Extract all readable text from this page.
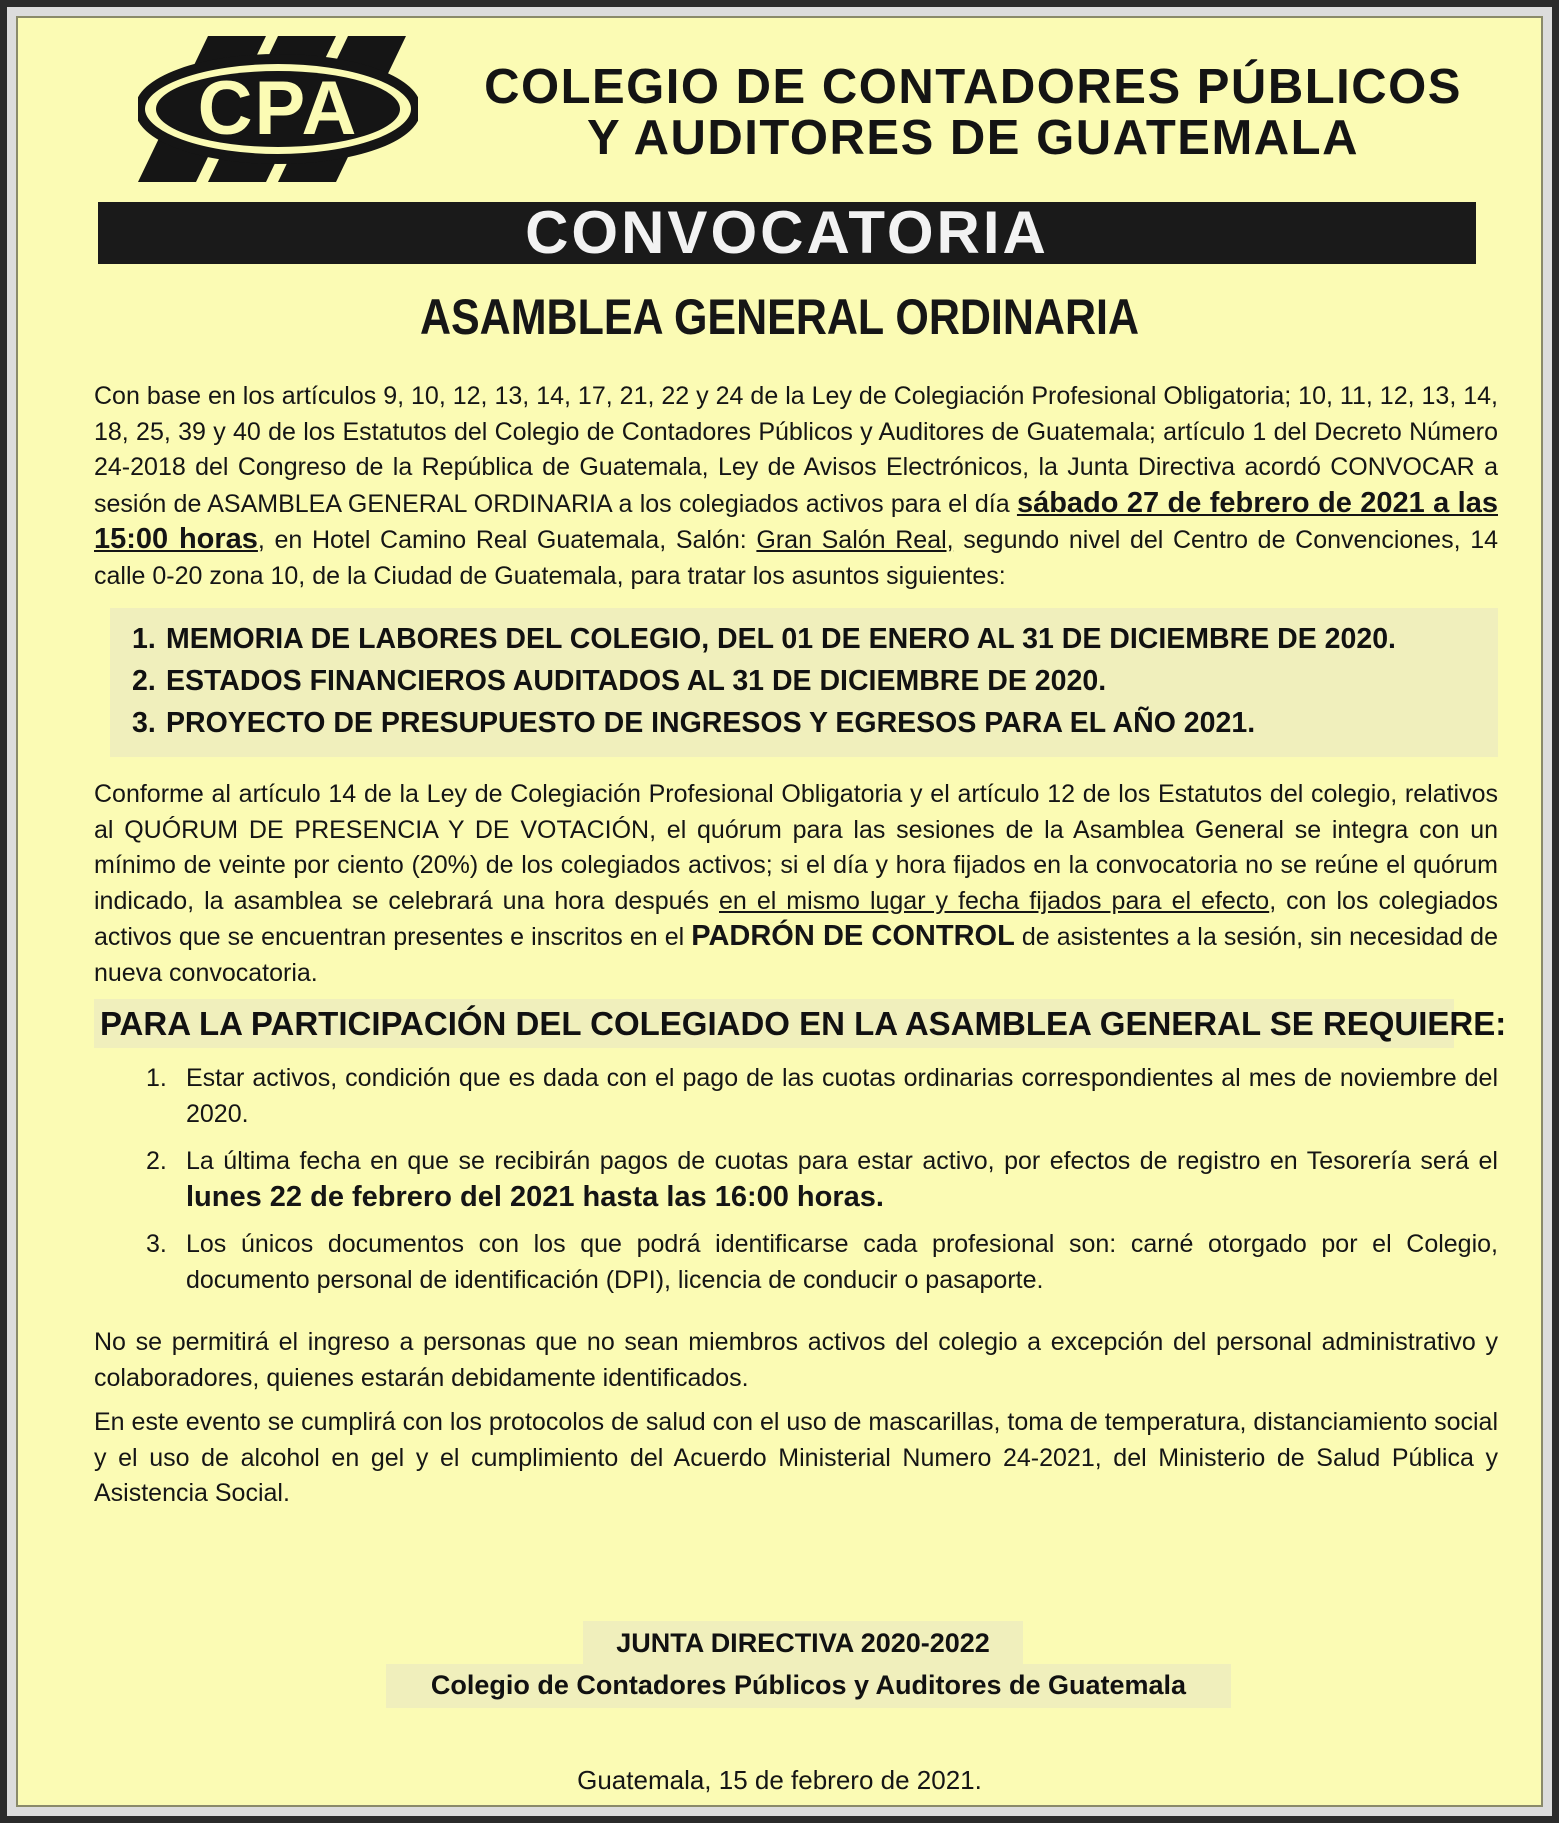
CPA	COLEGIO DE CONTADORES PÚBLICOS
Y AUDITORES DE GUATEMALA
CONVOCATORIA
ASAMBLEA GENERAL ORDINARIA
Con base en los artículos 9, 10, 12, 13, 14, 17, 21, 22 y 24 de la Ley de Colegiación Profesional Obligatoria; 10, 11, 12, 13, 14, 18, 25, 39 y 40 de los Estatutos del Colegio de Contadores Públicos y Auditores de Guatemala; artículo 1 del Decreto Número 24-2018 del Congreso de la República de Guatemala, Ley de Avisos Electrónicos, la Junta Directiva acordó CONVOCAR a sesión de ASAMBLEA GENERAL ORDINARIA a los colegiados activos para el día sábado 27 de febrero de 2021 a las 15:00 horas, en Hotel Camino Real Guatemala, Salón: Gran Salón Real, segundo nivel del Centro de Convenciones, 14 calle 0-20 zona 10, de la Ciudad de Guatemala, para tratar los asuntos siguientes:
1. MEMORIA DE LABORES DEL COLEGIO, DEL 01 DE ENERO AL 31 DE DICIEMBRE DE 2020.
2. ESTADOS FINANCIEROS AUDITADOS AL 31 DE DICIEMBRE DE 2020.
3. PROYECTO DE PRESUPUESTO DE INGRESOS Y EGRESOS PARA EL AÑO 2021.
Conforme al artículo 14 de la Ley de Colegiación Profesional Obligatoria y el artículo 12 de los Estatutos del colegio, relativos al QUÓRUM DE PRESENCIA Y DE VOTACIÓN, el quórum para las sesiones de la Asamblea General se integra con un mínimo de veinte por ciento (20%) de los colegiados activos; si el día y hora fijados en la convocatoria no se reúne el quórum indicado, la asamblea se celebrará una hora después en el mismo lugar y fecha fijados para el efecto, con los colegiados activos que se encuentran presentes e inscritos en el PADRÓN DE CONTROL de asistentes a la sesión, sin necesidad de nueva convocatoria.
PARA LA PARTICIPACIÓN DEL COLEGIADO EN LA ASAMBLEA GENERAL SE REQUIERE:
1. Estar activos, condición que es dada con el pago de las cuotas ordinarias correspondientes al mes de noviembre del 2020.
2. La última fecha en que se recibirán pagos de cuotas para estar activo, por efectos de registro en Tesorería será el lunes 22 de febrero del 2021 hasta las 16:00 horas.
3. Los únicos documentos con los que podrá identificarse cada profesional son: carné otorgado por el Colegio, documento personal de identificación (DPI), licencia de conducir o pasaporte.
No se permitirá el ingreso a personas que no sean miembros activos del colegio a excepción del personal administrativo y colaboradores, quienes estarán debidamente identificados.
En este evento se cumplirá con los protocolos de salud con el uso de mascarillas, toma de temperatura, distanciamiento social y el uso de alcohol en gel y el cumplimiento del Acuerdo Ministerial Numero 24-2021, del Ministerio de Salud Pública y Asistencia Social.
JUNTA DIRECTIVA 2020-2022
Colegio de Contadores Públicos y Auditores de Guatemala
Guatemala, 15 de febrero de 2021.
